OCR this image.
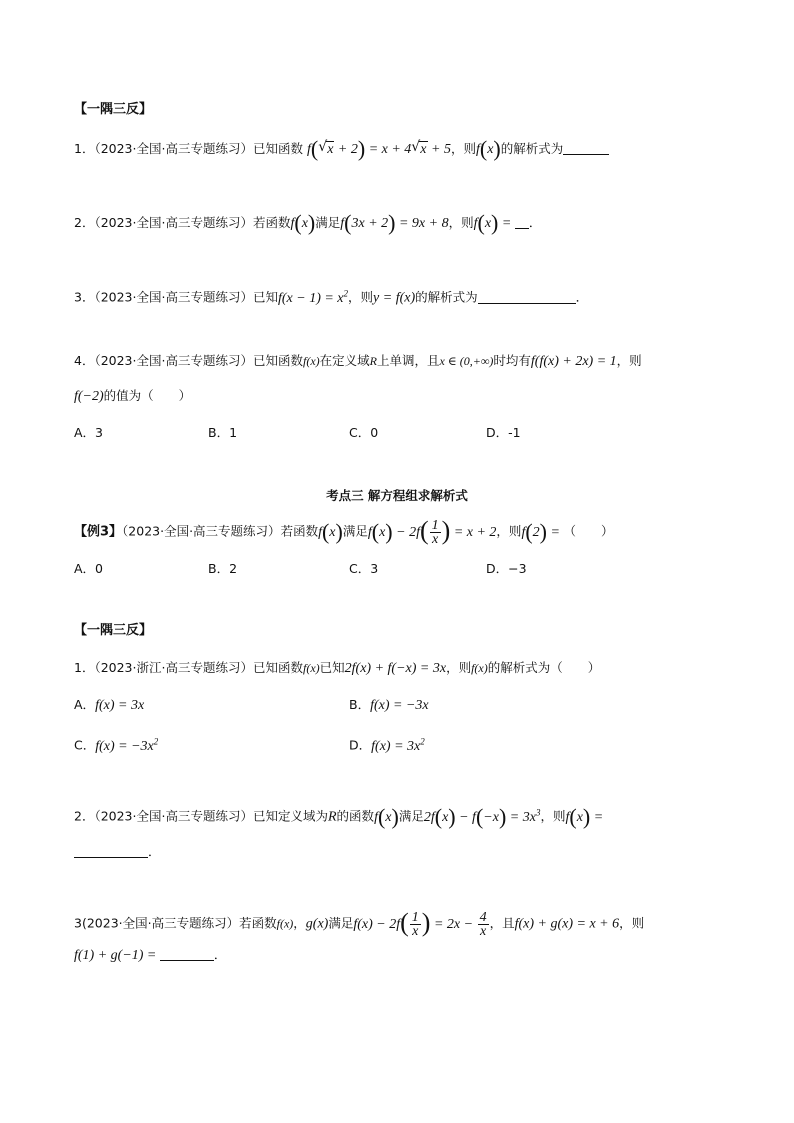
【一隅三反】
1．（2023·全国·高三专题练习）已知函数 f( √ x + 2) = x + 4 √ x + 5，则f(x)的解析式为
2．（2023·全国·高三专题练习）若函数f(x)满足f(3x + 2) = 9x + 8，则f(x) = ．
3．（2023·全国·高三专题练习）已知$f(x - 1) = x^2$，则y = f(x)的解析式为	．
4．（2023·全国·高三专题练习）已知函数f(x)在定义域R上单调，且x ∈ (0,+∞)时均有f(f(x) + 2x) = 1，则
f(−2)的值为（　　）
A．3	B．1	C．0	D．-1
考点三 解方程组求解析式
【例3】（2023·全国·高三专题练习）若函数f(x)满足$f(x) - 2f( \frac{1}{x}$ ) = x + 2，则f(2) = （　　）
A．0	B．2	C．3	D．−3
【一隅三反】
1．（2023·浙江·高三专题练习）已知函数f(x)已知2f(x) + f(−x) = 3x，则f(x)的解析式为（　　）
A．f(x) = 3x	B．f(x) = −3x
C．$f(x) = -3x^2$	D．$f(x) = 3x^2$
2．（2023·全国·高三专题练习）已知定义域为R的函数f(x)满足$2f(x) - f(-x) = 3x^3$，则f(x) =
．
3(2023·全国·高三专题练习）若函数f(x)，g(x)满足$f(x) - 2f( \frac{1}{x}$ ) = $2x - \frac{4}{x}$ ，且f(x) + g(x) = x + 6，则
f(1) + g(−1) =	．
